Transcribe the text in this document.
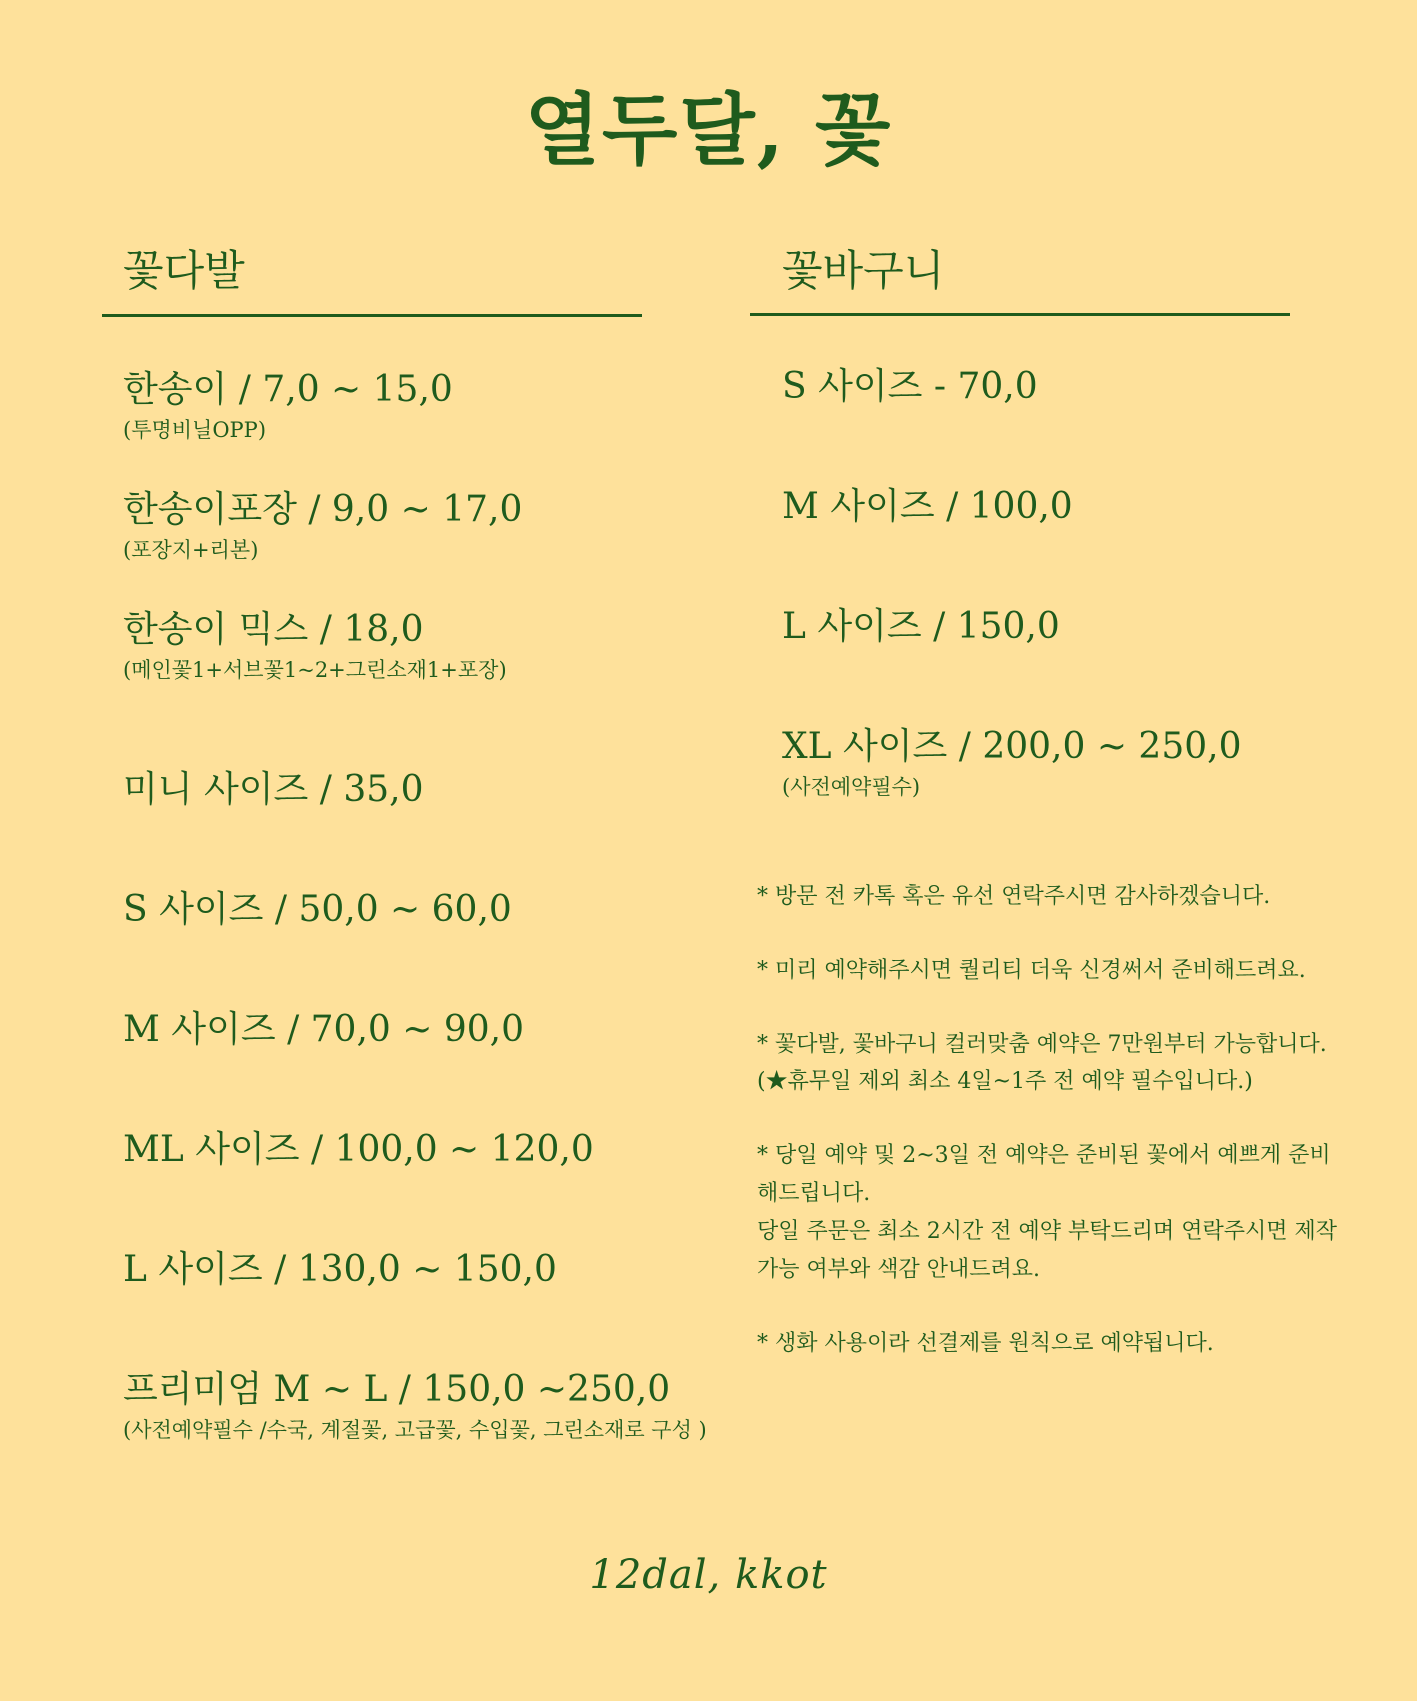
열두달, 꽃
꽃다발	꽃바구니
한송이 / 7,0 ~ 15,0
(투명비닐OPP)
한송이포장 / 9,0 ~ 17,0
(포장지+리본)
한송이 믹스 / 18,0
(메인꽃1+서브꽃1~2+그린소재1+포장)
미니 사이즈 / 35,0
S 사이즈 / 50,0 ~ 60,0
M 사이즈 / 70,0 ~ 90,0
ML 사이즈 / 100,0 ~ 120,0
L 사이즈 / 130,0 ~ 150,0
프리미엄 M ~ L / 150,0 ~250,0
(사전예약필수 /수국, 계절꽃, 고급꽃, 수입꽃, 그린소재로 구성 )
S 사이즈 - 70,0
M 사이즈 / 100,0
L 사이즈 / 150,0
XL 사이즈 / 200,0 ~ 250,0
(사전예약필수)

* 방문 전 카톡 혹은 유선 연락주시면 감사하겠습니다.

* 미리 예약해주시면 퀄리티 더욱 신경써서 준비해드려요.

* 꽃다발, 꽃바구니 컬러맞춤 예약은 7만원부터 가능합니다.

(★휴무일 제외 최소 4일~1주 전 예약 필수입니다.)

* 당일 예약 및 2~3일 전 예약은 준비된 꽃에서 예쁘게 준비

해드립니다.

당일 주문은 최소 2시간 전 예약 부탁드리며 연락주시면 제작

가능 여부와 색감 안내드려요.

* 생화 사용이라 선결제를 원칙으로 예약됩니다.

12dal, kkot
